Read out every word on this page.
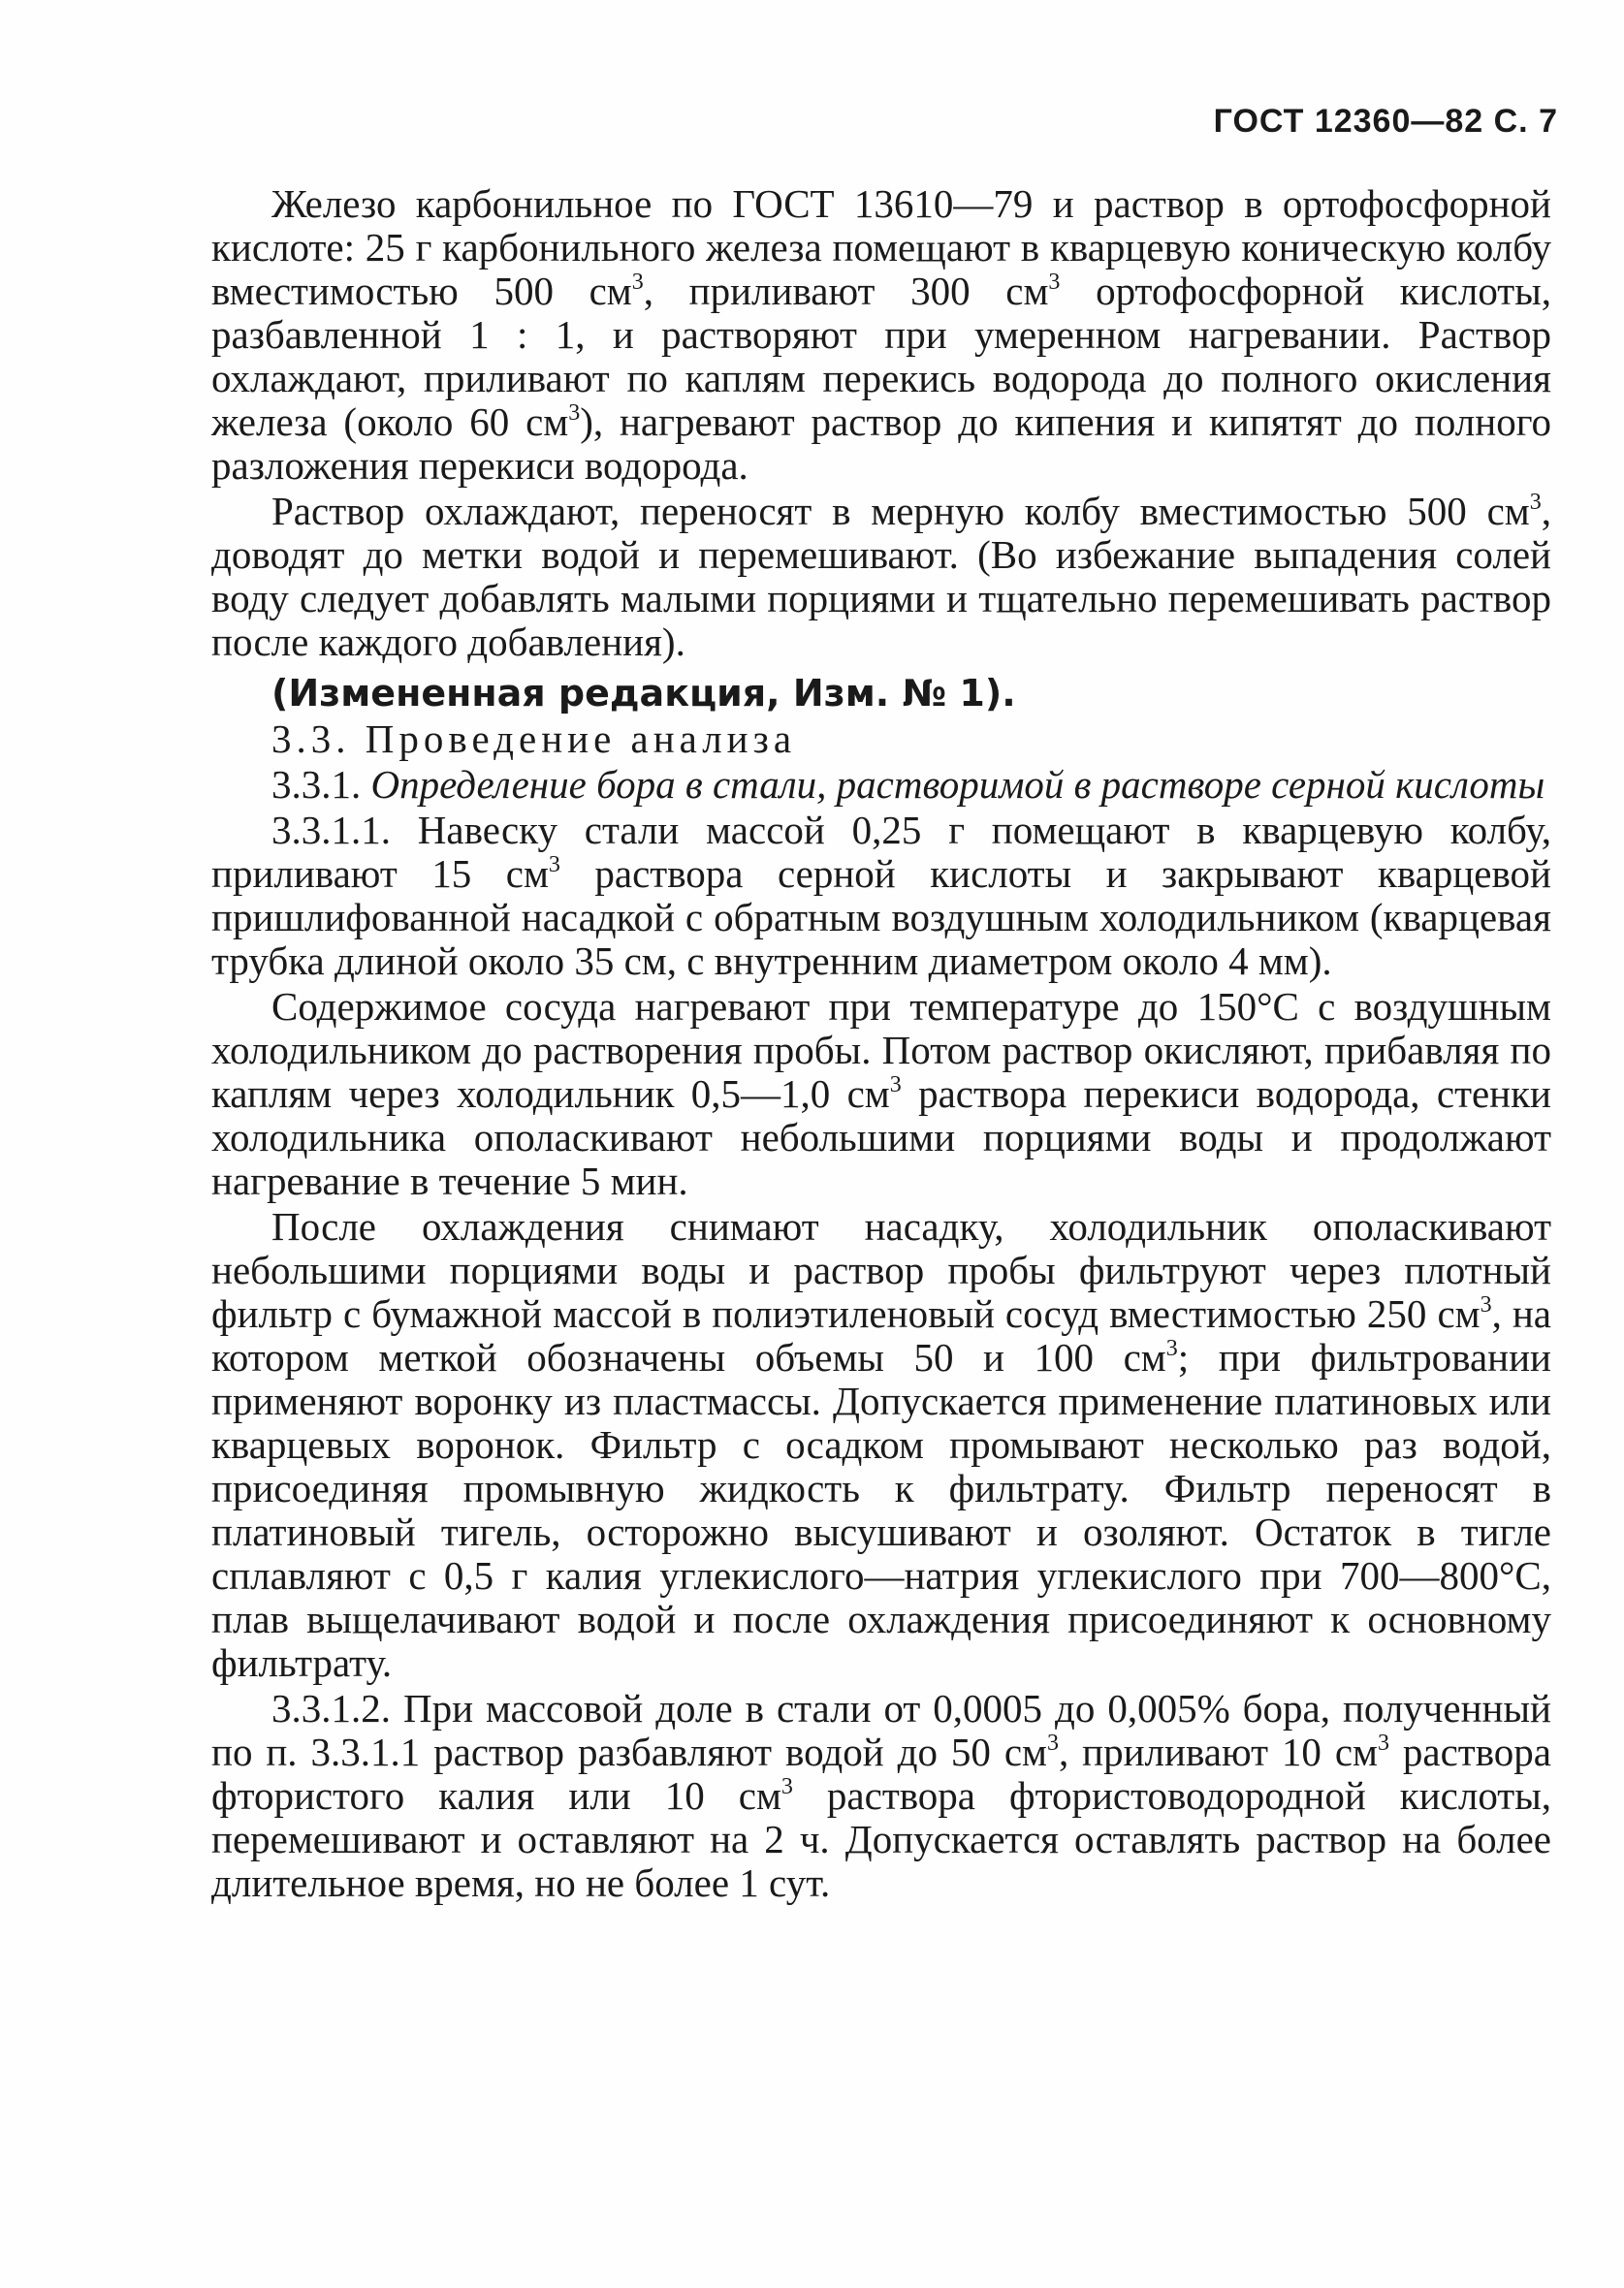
ГОСТ 12360—82 С. 7

Железо карбонильное по ГОСТ 13610—79 и раствор в ортофосфорной кислоте: 25 г карбонильного железа помещают в кварцевую коническую колбу вместимостью 500 $см^3$, приливают 300 $см^3$ ортофосфорной кислоты, разбавленной 1 : 1, и растворяют при умеренном нагревании. Раствор охлаждают, приливают по каплям перекись водорода до полного окисления железа (около 60 $см^3$), нагревают раствор до кипения и кипятят до полного разложения перекиси водорода.

Раствор охлаждают, переносят в мерную колбу вместимостью 500 $см^3$, доводят до метки водой и перемешивают. (Во избежание выпадения солей воду следует добавлять малыми порциями и тщательно перемешивать раствор после каждого добавления).

(Измененная редакция, Изм. № 1).

3.3. Проведение анализа

3.3.1. Определение бора в стали, растворимой в растворе серной кислоты

3.3.1.1. Навеску стали массой 0,25 г помещают в кварцевую колбу, приливают 15 $см^3$ раствора серной кислоты и закрывают кварцевой пришлифованной насадкой с обратным воздушным холодильником (кварцевая трубка длиной около 35 см, с внутренним диаметром около 4 мм).

Содержимое сосуда нагревают при температуре до 150°C с воздушным холодильником до растворения пробы. Потом раствор окисляют, прибавляя по каплям через холодильник 0,5—1,0 $см^3$ раствора перекиси водорода, стенки холодильника ополаскивают небольшими порциями воды и продолжают нагревание в течение 5 мин.

После охлаждения снимают насадку, холодильник ополаскивают небольшими порциями воды и раствор пробы фильтруют через плотный фильтр с бумажной массой в полиэтиленовый сосуд вместимостью 250 $см^3$, на котором меткой обозначены объемы 50 и 100 $см^3$; при фильтровании применяют воронку из пластмассы. Допускается применение платиновых или кварцевых воронок. Фильтр с осадком промывают несколько раз водой, присоединяя промывную жидкость к фильтрату. Фильтр переносят в платиновый тигель, осторожно высушивают и озоляют. Остаток в тигле сплавляют с 0,5 г калия углекислого—натрия углекислого при 700—800°C, плав выщелачивают водой и после охлаждения присоединяют к основному фильтрату.

3.3.1.2. При массовой доле в стали от 0,0005 до 0,005% бора, полученный по п. 3.3.1.1 раствор разбавляют водой до 50 $см^3$, приливают 10 $см^3$ раствора фтористого калия или 10 $см^3$ раствора фтористоводородной кислоты, перемешивают и оставляют на 2 ч. Допускается оставлять раствор на более длительное время, но не более 1 сут.
